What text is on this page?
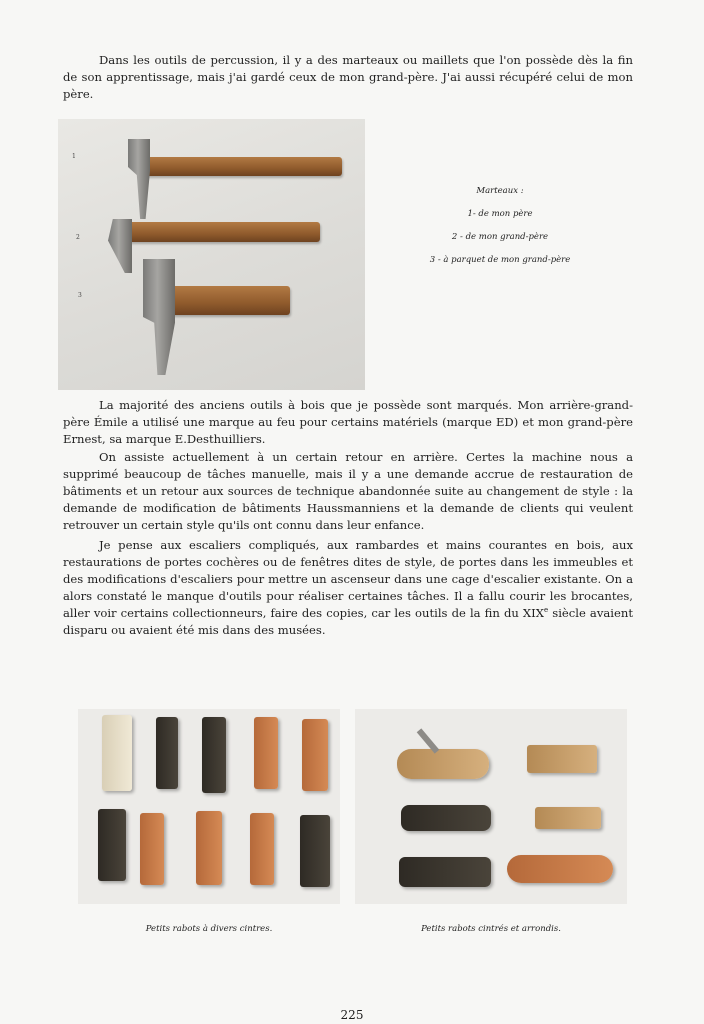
Dans les outils de percussion, il y a des marteaux ou maillets que l'on possède dès la fin de son apprentissage, mais j'ai gardé ceux de mon grand-père. J'ai aussi récupéré celui de mon père.

1
2
3
Marteaux :
1- de mon père
2 - de mon grand-père
3 - à parquet de mon grand-père

La majorité des anciens outils à bois que je possède sont marqués. Mon arrière-grand-père Émile a utilisé une marque au feu pour certains matériels (marque ED) et mon grand-père Ernest, sa marque E.Desthuilliers.

On assiste actuellement à un certain retour en arrière. Certes la machine nous a supprimé beaucoup de tâches manuelle, mais il y a une demande accrue de restauration de bâtiments et un retour aux sources de technique abandonnée suite au changement de style : la demande de modification de bâtiments Haussmanniens et la demande de clients qui veulent retrouver un certain style qu'ils ont connu dans leur enfance.

Je pense aux escaliers compliqués, aux rambardes et mains courantes en bois, aux restaurations de portes cochères ou de fenêtres dites de style, de portes dans les immeubles et des modifications d'escaliers pour mettre un ascenseur dans une cage d'escalier existante. On a alors constaté le manque d'outils pour réaliser certaines tâches. Il a fallu courir les brocantes, aller voir certains collectionneurs, faire des copies, car les outils de la fin du XIXe siècle avaient disparu ou avaient été mis dans des musées.

Petits rabots à divers cintres.	Petits rabots cintrés et arrondis.
225
